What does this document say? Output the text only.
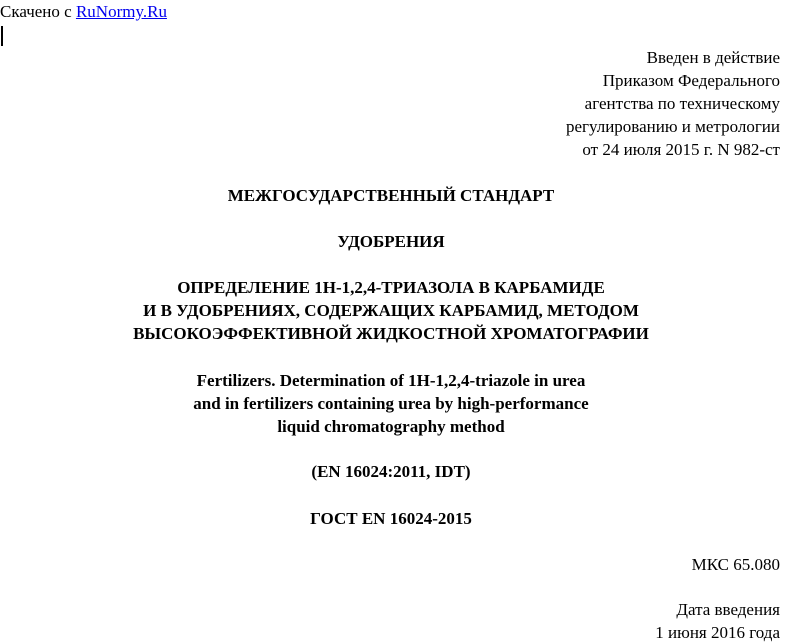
Скачено с RuNormy.Ru
Введен в действие
Приказом Федерального
агентства по техническому
регулированию и метрологии
от 24 июля 2015 г. N 982-ст
МЕЖГОСУДАРСТВЕННЫЙ СТАНДАРТ
УДОБРЕНИЯ
ОПРЕДЕЛЕНИЕ 1H-1,2,4-ТРИАЗОЛА В КАРБАМИДЕ
И В УДОБРЕНИЯХ, СОДЕРЖАЩИХ КАРБАМИД, МЕТОДОМ
ВЫСОКОЭФФЕКТИВНОЙ ЖИДКОСТНОЙ ХРОМАТОГРАФИИ
Fertilizers. Determination of 1H-1,2,4-triazole in urea
and in fertilizers containing urea by high-performance
liquid chromatography method
(EN 16024:2011, IDT)
ГОСТ EN 16024-2015
МКС 65.080
Дата введения
1 июня 2016 года
